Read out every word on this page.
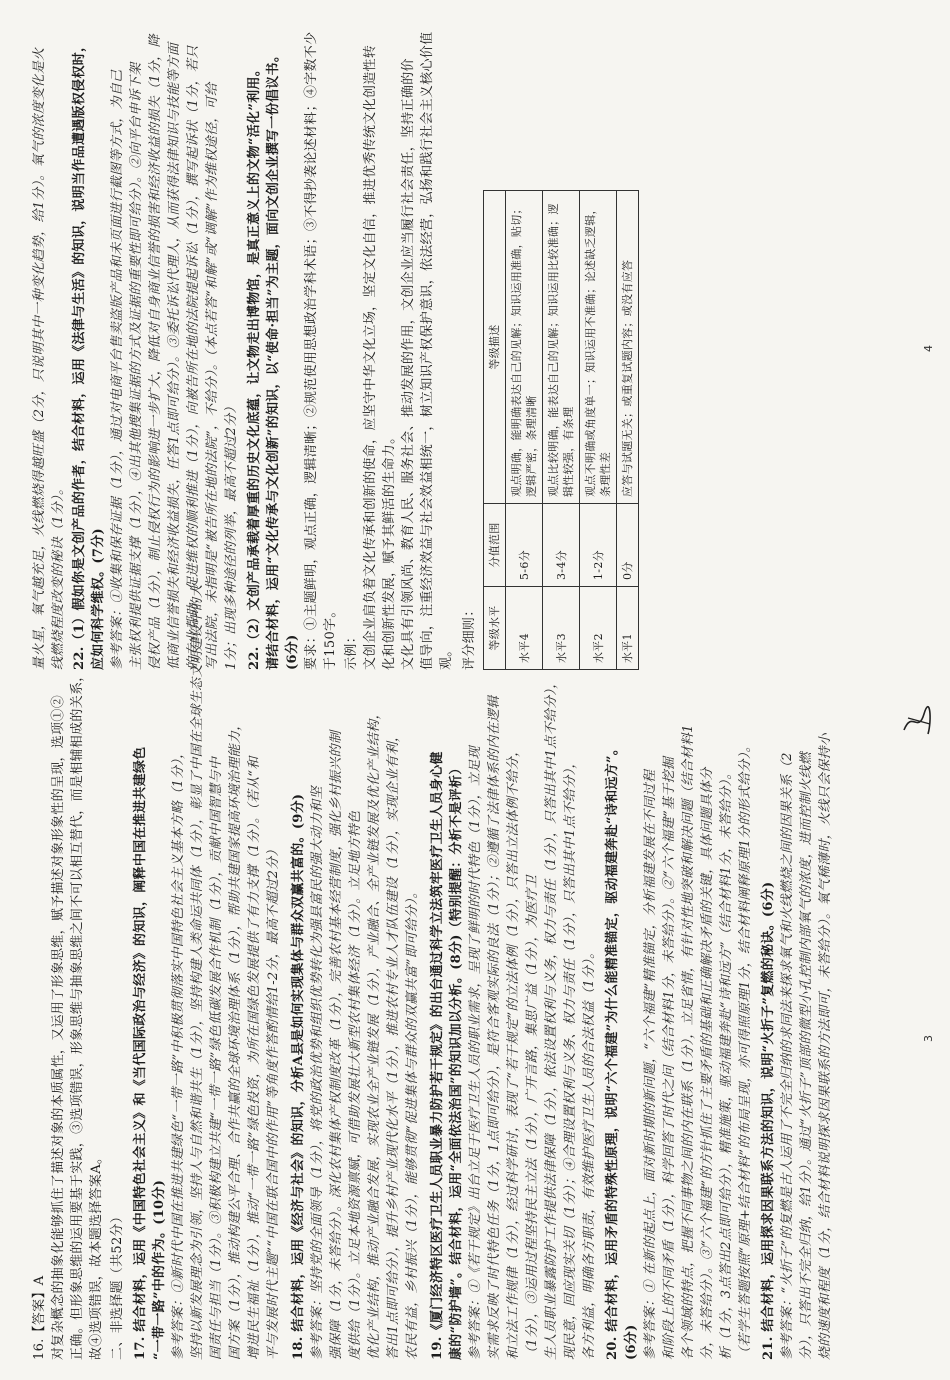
16.【答案】A 对复杂概念的抽象化能够抓住了描述对象的本质属性，又运用了形象思维，赋予描述对象形象性的呈现，选项①② 正确。但形象思维的运用要基于实践，③选项错误，形象思维与抽象思维之间不可以相互替代，而是相辅相成的关系， 故④选项错误，故本题选择答案A。 二、非选择题（共52分） 17. 结合材料，运用《中国特色社会主义》和《当代国际政治与经济》的知识，阐释中国在推进共建绿色 “一带一路”中的作为。(10分) 参考答案：①新时代中国在推进共建绿色“一带一路”中积极贯彻落实中国特色社会主义基本方略（1分）， 坚持以新发展理念为引领，坚持人与自然和谐共生（1分），坚持构建人类命运共同体（1分），彰显了中国在全球生态文明建设中的大 国责任与担当（1分）。③积极构建立共建“一带一路”绿色低碳发展合作机制（1分），贡献中国智慧与中 国方案（1分），推动构建公平合理、合作共赢的全球环境治理体系（1分），帮助共建国家提高环境治理能力， 增进民生福祉（1分），推动“一带一路”绿色投资，为所在国绿色发展提供了有力支撑（1分）。（若从“和 平与发展时代主题”“中国在联合国中的作用”等角度作答酌情给1-2分，最高不超过2分） 18. 结合材料，运用《经济与社会》的知识，分析A县是如何实现集体与群众双赢共富的。(9分) 参考答案：坚持党的全面领导（1分），将党的政治优势和组织优势转化为强县富民的强大动力和坚 强保障（1分，未答给分）。深化农村集体产权制度改革（1分），完善农村基本经营制度，强化乡村振兴的制 度供给（1分）。立足本地资源禀赋，可借助发展壮大新型农村集体经济（1分）。立足地方特色 优化产业结构，推动产业融合发展，实现农业全产业链发展（1分），产业融合、全产业链发展及优化产业结构， 答出1点即可给分），提升乡村产业现代化水平（1分），推进农村专业人才队伍建设（1分），实现企业有利， 农民有益，乡村振兴（1分），能够贯彻“促进集体与群众的双赢共富”即可给分）。 19.《厦门经济特区医疗卫生人员职业暴力防护若干规定》的出台通过科学立法筑牢医疗卫生人员身心健 康的“防护墙”。结合材料，运用“全面依法治国”的知识加以分析。(8分)（特别提醒：分析不是评析） 参考答案：①《若干规定》出台立足于医疗卫生人员的职业需求，呈现了鲜明的时代特色（1分），立足现 实需求反映了时代特色任务（1分，1点即可给分），是符合客观实际的良法（1分）；②遵循了法律体系的内在逻辑 和立法工作规律（1分），经过科学研讨，表现了“若干规定”的立法体例（1分），只答出立法体例不给分， （1分），③运用过程坚持民主立法（1分），广开言路，集思广益（1分），为医疗卫 生人员职业暴露防护工作提供法律保障（1分），依法设置权利与义务，权力与责任（1分），只答出其中1点不给分）， 现民意，回应现实关切（1分）；④合理设置权利与义务、权力与责任（1分），只答出其中1点不给分）， 各方利益，明确各方职责，有效维护医疗卫生人员的合法权益（1分）。 20. 结合材料，运用矛盾的特殊性原理，说明“六个福建”为什么能精准锚定，驱动福建奔赴“诗和远方”。 (6分) 参考答案：① 在新的起点上，面对新时期的新问题，“六个福建”精准锚定，分析福建发展在不同过程 和阶段上的不同矛盾（1分），科学回答了时代之问（结合材料1分，未答给分）。②“六个福建”基于挖掘 各个领域的特点，把握不同事物之间的内在联系（1分），立足省情，有针对性地突破和解决问题（结合材料1 分，未答给分）。③“六个福建”的方针抓住了主要矛盾的基础和正确解决矛盾的关键，具体问题具体分 析（1分，3点答出2点即可给分），精准施策，驱动福建奔赴“诗和远方”（结合材料1分，未答给分）。 （若学生答题按照“原理+结合材料”的布局呈现，亦可得照原理1分，结合材料阐释原理1分的形式给分）。 21. 结合材料，运用探求因果联系方法的知识，说明“火折子”复燃的秘诀。(6分) 参考答案：“火折子”的复燃是古人运用了不完全归纳的求同法来探求氧气和火线燃烧之间的因果关系（2 分），只答出不完全归纳，给1分）。通过“火折子”顶部的微型小孔控制内部氧气的浓度，进而控制火线燃 烧的速度和程度（1分，结合材料说明探求因果联系的方法即可，未答给分）。氧气稀薄时，火线只会保持小

量火星，氧气越充足，火线燃烧得越旺盛（2分，只说明其中一种变化趋势，给1分）。氧气的浓度变化是火 线燃烧程度改变的秘诀（1分）。 22.（1）假如你是文创产品的作者，结合材料，运用《法律与生活》的知识，说明当作品遭遇版权侵权时， 应如何科学维权。(7分) 参考答案：①收集和保存证据（1分），通过对电商平台售卖盗版产品和未页面进行截图等方式，为自己 主张权利提供证据支撑（1分），④出其他搜集证据的方式及证据的重要性即可给分）。②向平台申诉下架 侵权产品（1分），制止侵权行为的影响进一步扩大，降低对自身商业信誉的损害和经济收益的损失（1分，降 低商业信誉损失和经济收益损失，任答1点即可给分）。③委托诉讼代理人，从而获得法律知识与技能等方面 的专业帮助，促进维权的顺利推进（1分），向被告所在地的法院提起诉讼（1分），撰写起诉状（1分，若只 写出法院，未指明是“被告所在地的法院”，不给分）。（本点若答“和解”或“调解”作为维权途径，可给 1分；出现多种途径的列举，最高不超过2分） 22.（2）文创产品承载着厚重的历史文化底蕴，让文物走出博物馆，是真正意义上的文物“活化”利用。 请结合材料，运用“文化传承与文化创新”的知识，以“使命·担当”为主题，面向文创企业撰写一份倡议书。 (6分) 要求：①主题鲜明，观点正确，逻辑清晰；②规范使用思想政治学科术语；③不得抄袭论述材料；④字数不少 于150字。 示例： 文创企业肩负着文化传承和创新的使命，应坚守中华文化立场，坚定文化自信，推进优秀传统文化创造性转 化和创新性发展，赋予其鲜活的生命力。 文化具有引领风尚、教育人民、服务社会、推动发展的作用，文创企业应当履行社会责任，坚持正确的价 值导向，注重经济效益与社会效益相统一，树立知识产权保护意识，依法经营，弘扬和践行社会主义核心价值 观。 评分细则： 等级水平	分值范围	等级描述
水平4	5-6分	观点明确，能明确表达自己的见解；知识运用准确，贴切；逻辑严密，条理清晰
水平3	3-4分	观点比较明确，能表达自己的见解；知识运用比较准确；逻辑性较强，有条理
水平2	1-2分	观点不明确或角度单一；知识运用不准确；论述缺乏逻辑，条理性差
水平1	0分	应答与试题无关；或重复试题内容；或没有应答
3
4
